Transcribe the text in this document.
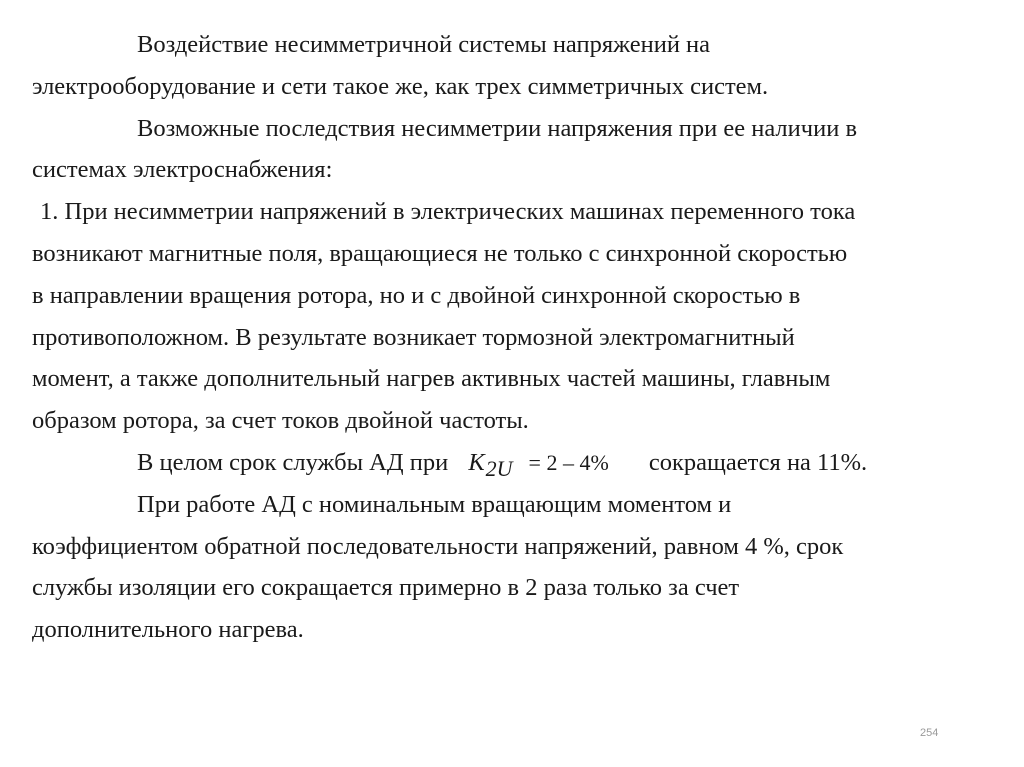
Воздействие несимметричной системы напряжений на
электрооборудование и сети такое же, как трех симметричных систем.
Возможные последствия несимметрии напряжения при ее наличии в
системах электроснабжения:
1. При несимметрии напряжений в электрических машинах переменного тока
возникают магнитные поля, вращающиеся не только с синхронной скоростью
в направлении вращения ротора, но и с двойной синхронной скоростью в
противоположном. В результате возникает тормозной электромагнитный
момент, а также дополнительный нагрев активных частей машины, главным
образом ротора, за счет токов двойной частоты.
В целом срок службы АД при K2U = 2 – 4% сокращается на 11%.
При работе АД с номинальным вращающим моментом и
коэффициентом обратной последовательности напряжений, равном 4 %, срок
службы изоляции его сокращается примерно в 2 раза только за счет
дополнительного нагрева.
254
